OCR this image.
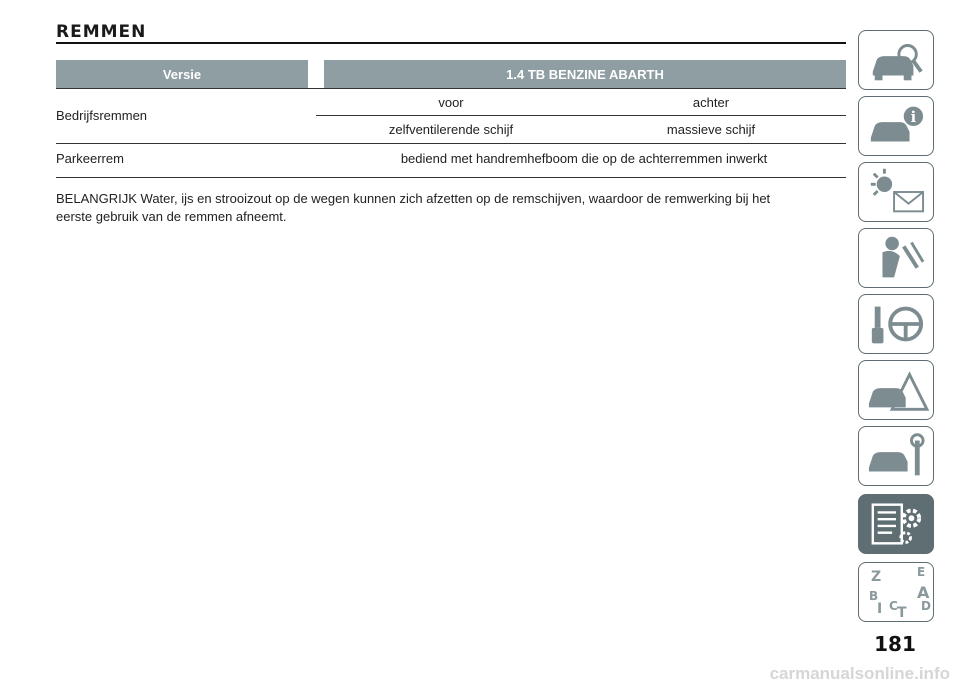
REMMEN
Versie	1.4 TB BENZINE ABARTH
Bedrijfsremmen
voor	achter
zelfventilerende schijf	massieve schijf
Parkeerrem	bediend met handremhefboom die op de achterremmen inwerkt
BELANGRIJK Water, ijs en strooizout op de wegen kunnen zich afzetten op de remschijven, waardoor de remwerking bij het
eerste gebruik van de remmen afneemt.
i
Z	E
B A
I C T D
181
carmanualsonline.info
